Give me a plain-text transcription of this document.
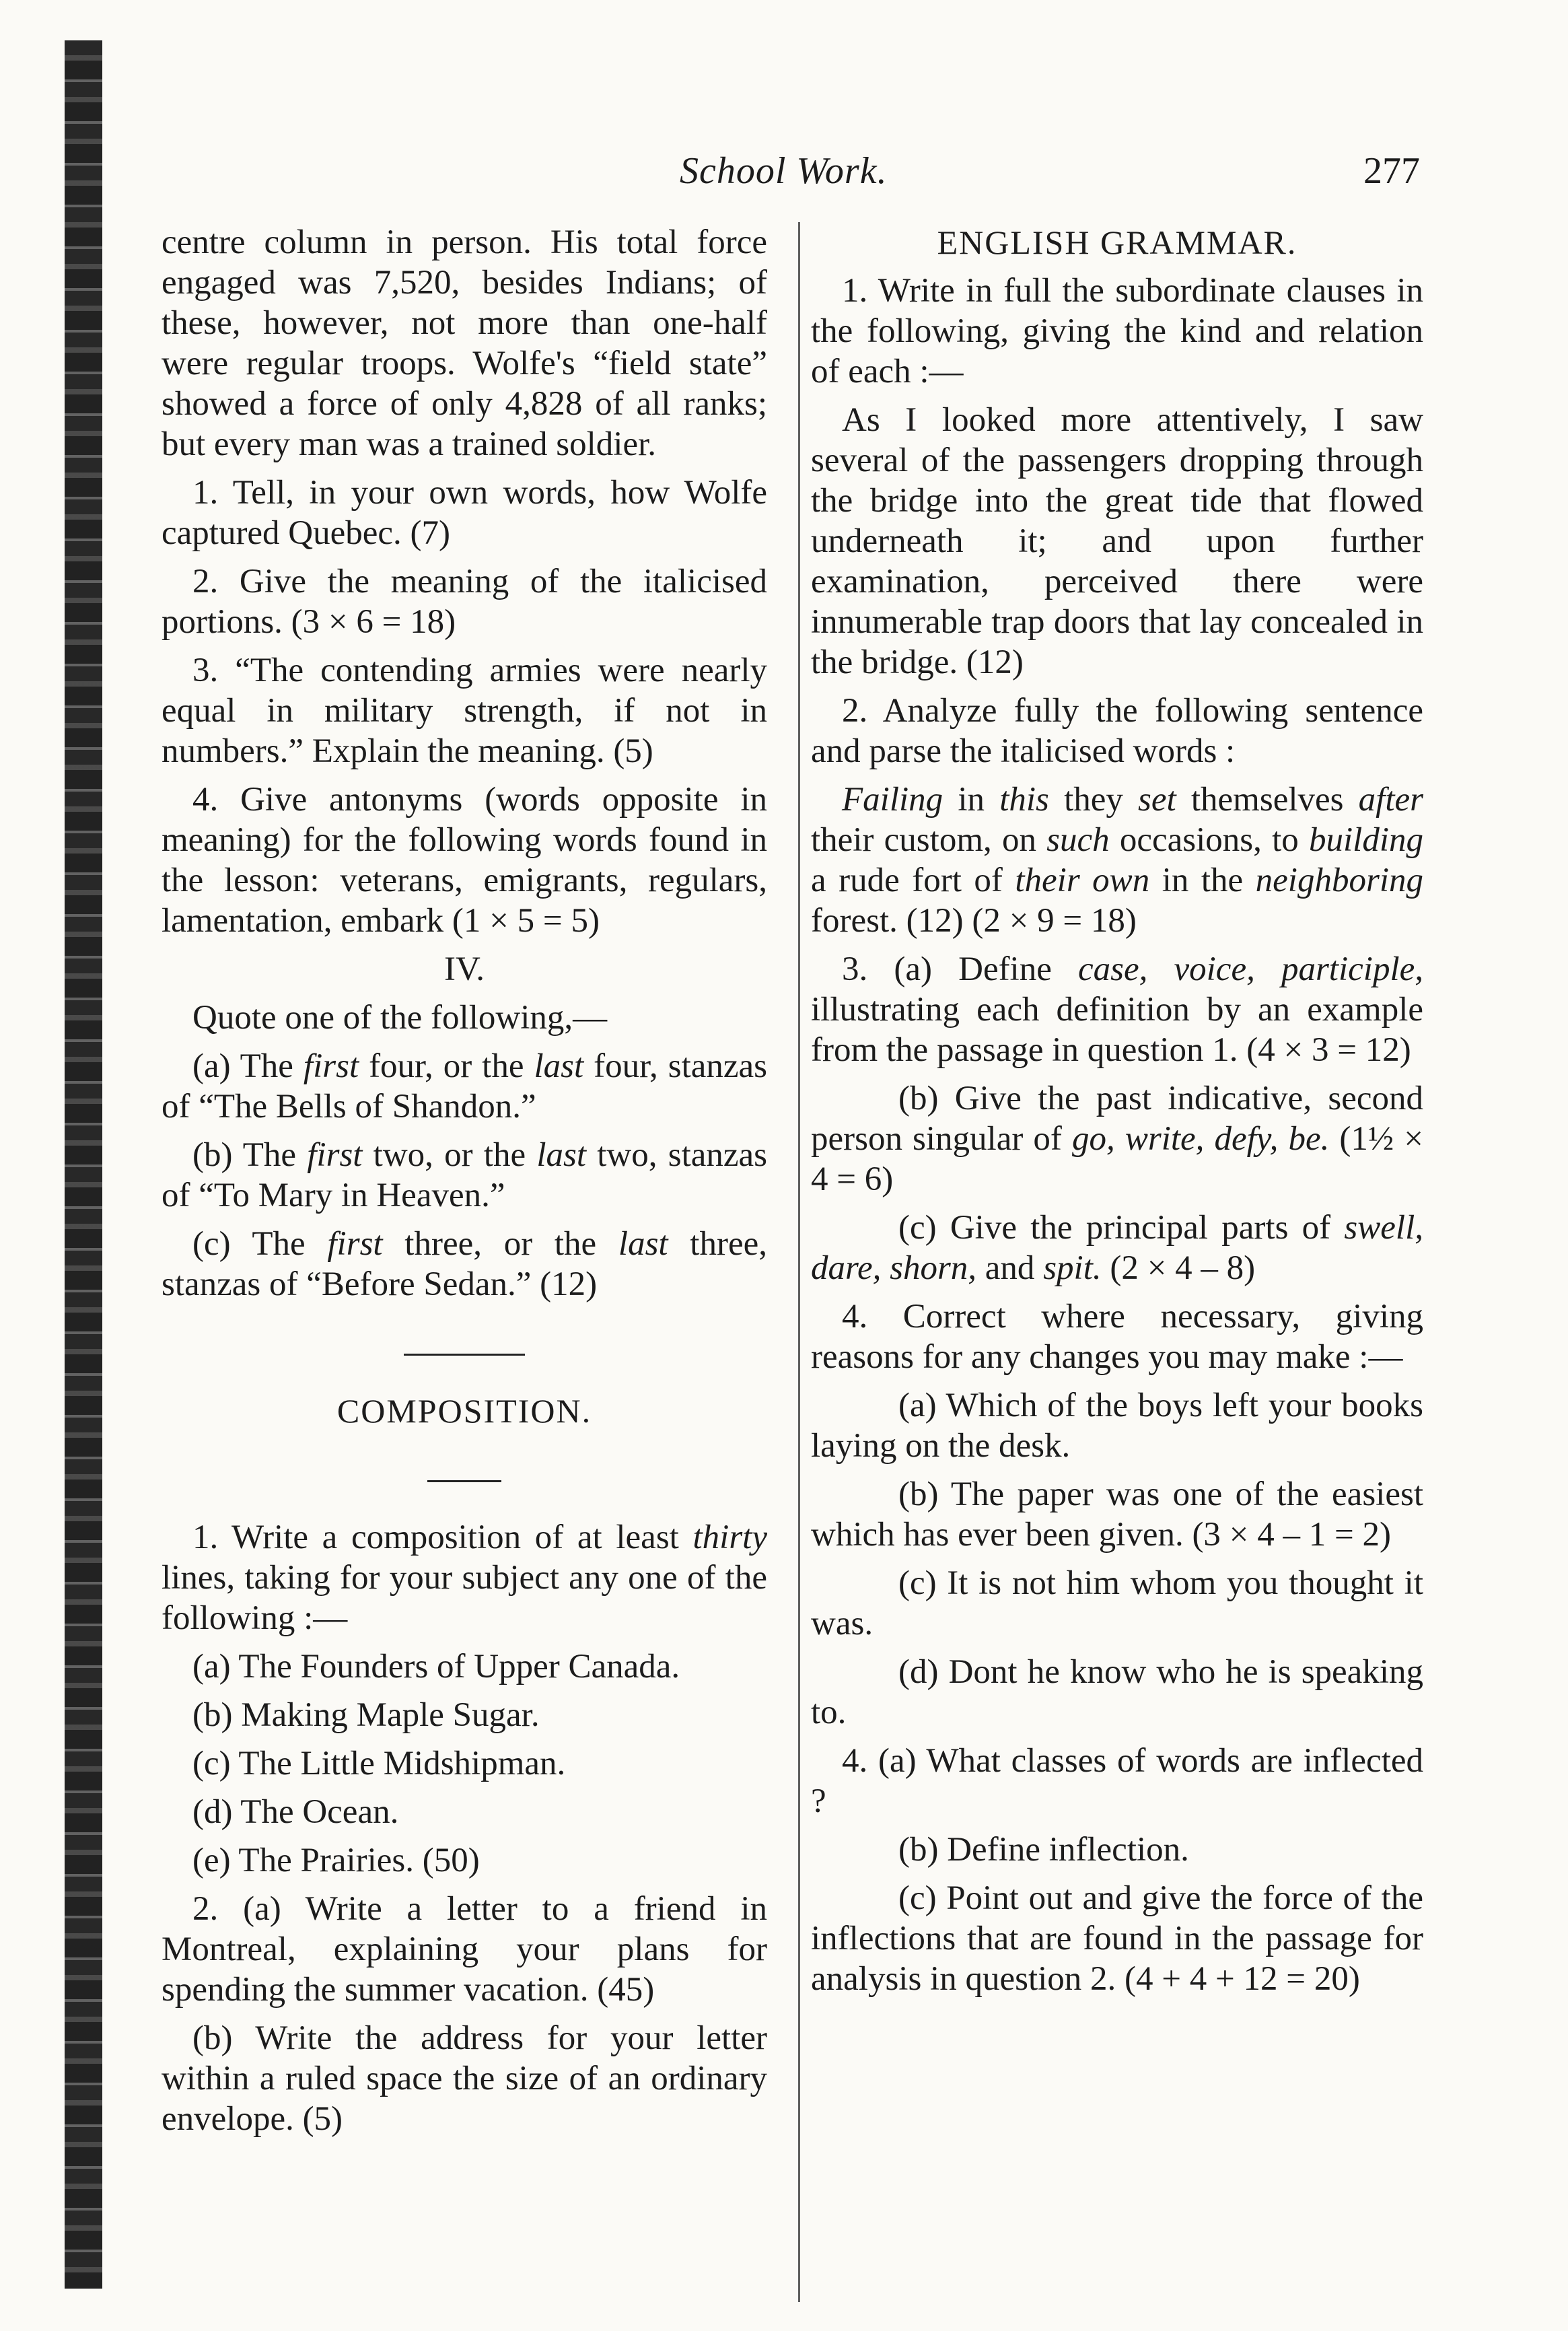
School Work.	277

centre column in person. His total force engaged was 7,520, besides Indians; of these, however, not more than one-half were regular troops. Wolfe's “field state” showed a force of only 4,828 of all ranks; but every man was a trained soldier.

1. Tell, in your own words, how Wolfe captured Quebec. (7)

2. Give the meaning of the italicised portions. (3 × 6 = 18)

3. “The contending armies were nearly equal in military strength, if not in numbers.” Explain the meaning. (5)

4. Give antonyms (words opposite in meaning) for the following words found in the lesson: veterans, emigrants, regulars, lamentation, embark (1 × 5 = 5)

IV.

Quote one of the following,—

(a) The first four, or the last four, stanzas of “The Bells of Shandon.”

(b) The first two, or the last two, stanzas of “To Mary in Heaven.”

(c) The first three, or the last three, stanzas of “Before Sedan.” (12)

COMPOSITION.

1. Write a composition of at least thirty lines, taking for your subject any one of the following :—

(a) The Founders of Upper Canada.

(b) Making Maple Sugar.

(c) The Little Midshipman.

(d) The Ocean.

(e) The Prairies. (50)

2. (a) Write a letter to a friend in Montreal, explaining your plans for spending the summer vacation. (45)

(b) Write the address for your letter within a ruled space the size of an ordinary envelope. (5)

ENGLISH GRAMMAR.

1. Write in full the subordinate clauses in the following, giving the kind and relation of each :—

As I looked more attentively, I saw several of the passengers dropping through the bridge into the great tide that flowed underneath it; and upon further examination, perceived there were innumerable trap doors that lay concealed in the bridge. (12)

2. Analyze fully the following sentence and parse the italicised words :

Failing in this they set themselves after their custom, on such occasions, to building a rude fort of their own in the neighboring forest. (12) (2 × 9 = 18)

3. (a) Define case, voice, participle, illustrating each definition by an example from the passage in question 1. (4 × 3 = 12)

(b) Give the past indicative, second person singular of go, write, defy, be. (1½ × 4 = 6)

(c) Give the principal parts of swell, dare, shorn, and spit. (2 × 4 – 8)

4. Correct where necessary, giving reasons for any changes you may make :—

(a) Which of the boys left your books laying on the desk.

(b) The paper was one of the easiest which has ever been given. (3 × 4 – 1 = 2)

(c) It is not him whom you thought it was.

(d) Dont he know who he is speaking to.

4. (a) What classes of words are inflected ?

(b) Define inflection.

(c) Point out and give the force of the inflections that are found in the passage for analysis in question 2. (4 + 4 + 12 = 20)
